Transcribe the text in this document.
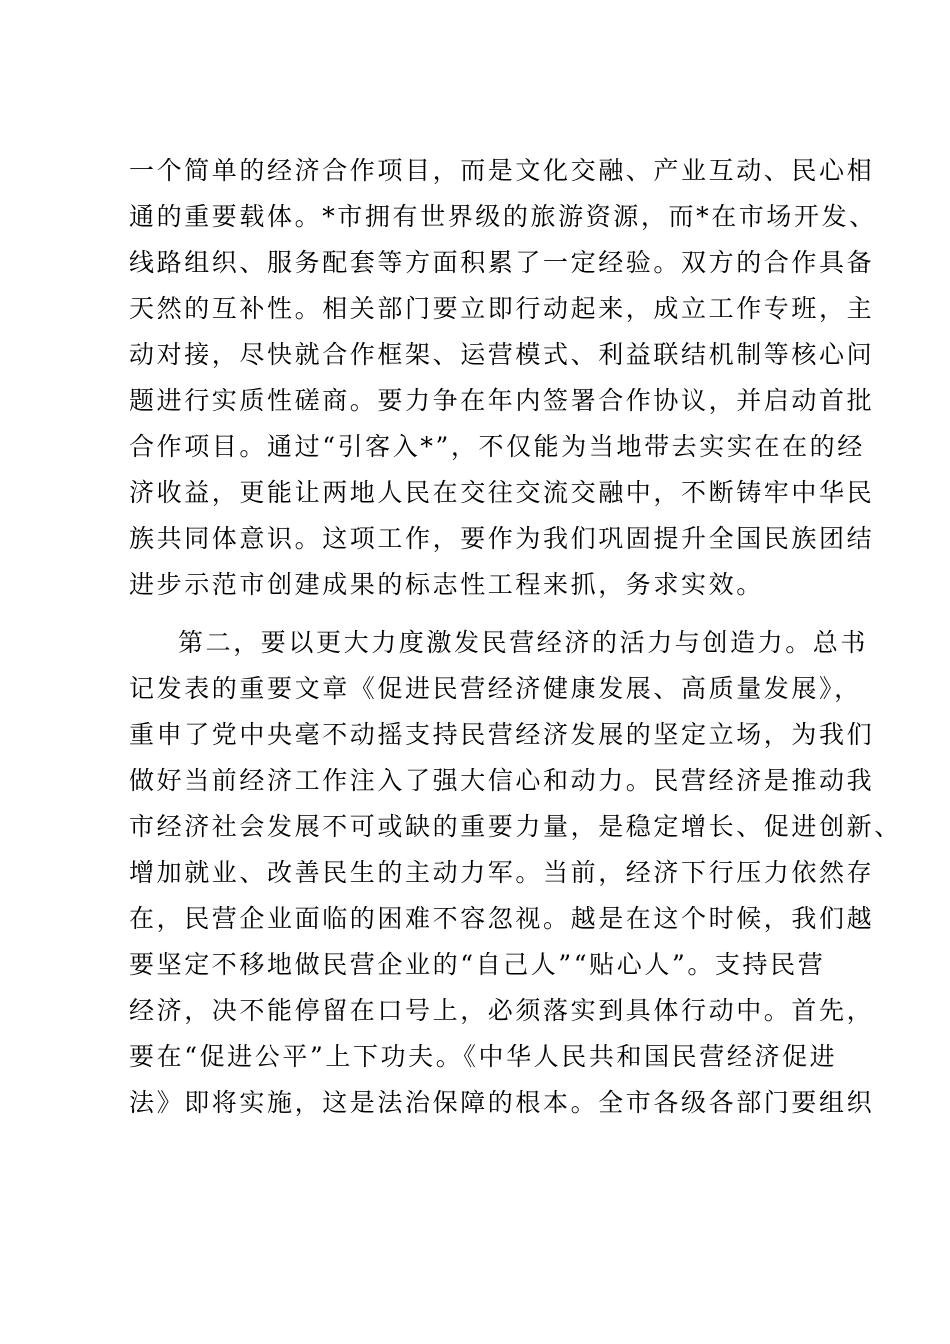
一个简单的经济合作项目，而是文化交融、产业互动、民心相
通的重要载体。*市拥有世界级的旅游资源，而*在市场开发、
线路组织、服务配套等方面积累了一定经验。双方的合作具备
天然的互补性。相关部门要立即行动起来，成立工作专班，主
动对接，尽快就合作框架、运营模式、利益联结机制等核心问
题进行实质性磋商。要力争在年内签署合作协议，并启动首批
合作项目。通过“引客入*”，不仅能为当地带去实实在在的经
济收益，更能让两地人民在交往交流交融中，不断铸牢中华民
族共同体意识。这项工作，要作为我们巩固提升全国民族团结
进步示范市创建成果的标志性工程来抓，务求实效。
第二，要以更大力度激发民营经济的活力与创造力。总书
记发表的重要文章《促进民营经济健康发展、高质量发展》，
重申了党中央毫不动摇支持民营经济发展的坚定立场，为我们
做好当前经济工作注入了强大信心和动力。民营经济是推动我
市经济社会发展不可或缺的重要力量，是稳定增长、促进创新、
增加就业、改善民生的主动力军。当前，经济下行压力依然存
在，民营企业面临的困难不容忽视。越是在这个时候，我们越
要坚定不移地做民营企业的“自己人”“贴心人”。支持民营
经济，决不能停留在口号上，必须落实到具体行动中。首先，
要在“促进公平”上下功夫。《中华人民共和国民营经济促进
法》即将实施，这是法治保障的根本。全市各级各部门要组织
